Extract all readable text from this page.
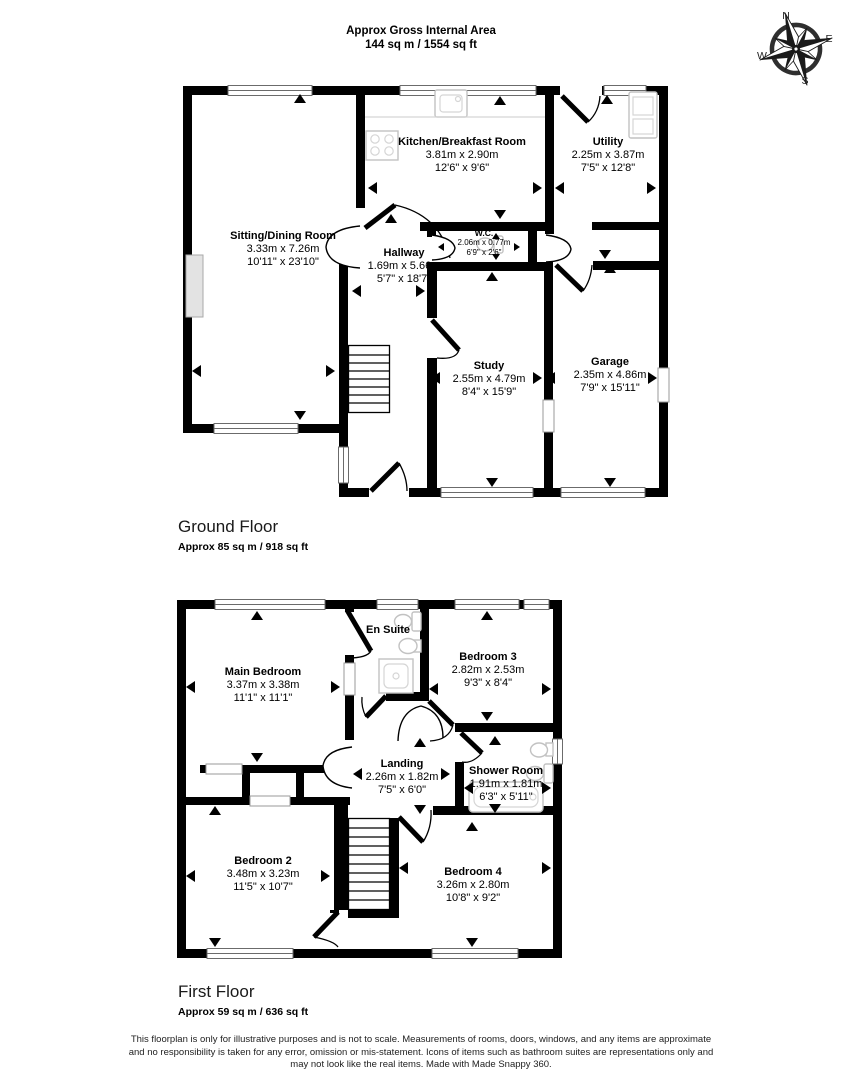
Approx Gross Internal Area
144 sq m / 1554 sq ft
N
E
S
W
Sitting/Dining Room
3.33m x 7.26m
10'11" x 23'10"
Kitchen/Breakfast Room
3.81m x 2.90m
12'6" x 9'6"
Utility
2.25m x 3.87m
7'5" x 12'8"
W.C.
2.06m x 0.77m
6'9" x 2'6"
Hallway
1.69m x 5.66m
5'7" x 18'7"
Study
2.55m x 4.79m
8'4" x 15'9"
Garage
2.35m x 4.86m
7'9" x 15'11"
Ground Floor
Approx 85 sq m / 918 sq ft
Main Bedroom
3.37m x 3.38m
11'1" x 11'1"
En Suite
Bedroom 3
2.82m x 2.53m
9'3" x 8'4"
Landing
2.26m x 1.82m
7'5" x 6'0"
Shower Room
1.91m x 1.81m
6'3" x 5'11"
Bedroom 2
3.48m x 3.23m
11'5" x 10'7"
Bedroom 4
3.26m x 2.80m
10'8" x 9'2"
First Floor
Approx 59 sq m / 636 sq ft
This floorplan is only for illustrative purposes and is not to scale. Measurements of rooms, doors, windows, and any items are approximate
and no responsibility is taken for any error, omission or mis-statement. Icons of items such as bathroom suites are representations only and
may not look like the real items. Made with Made Snappy 360.
